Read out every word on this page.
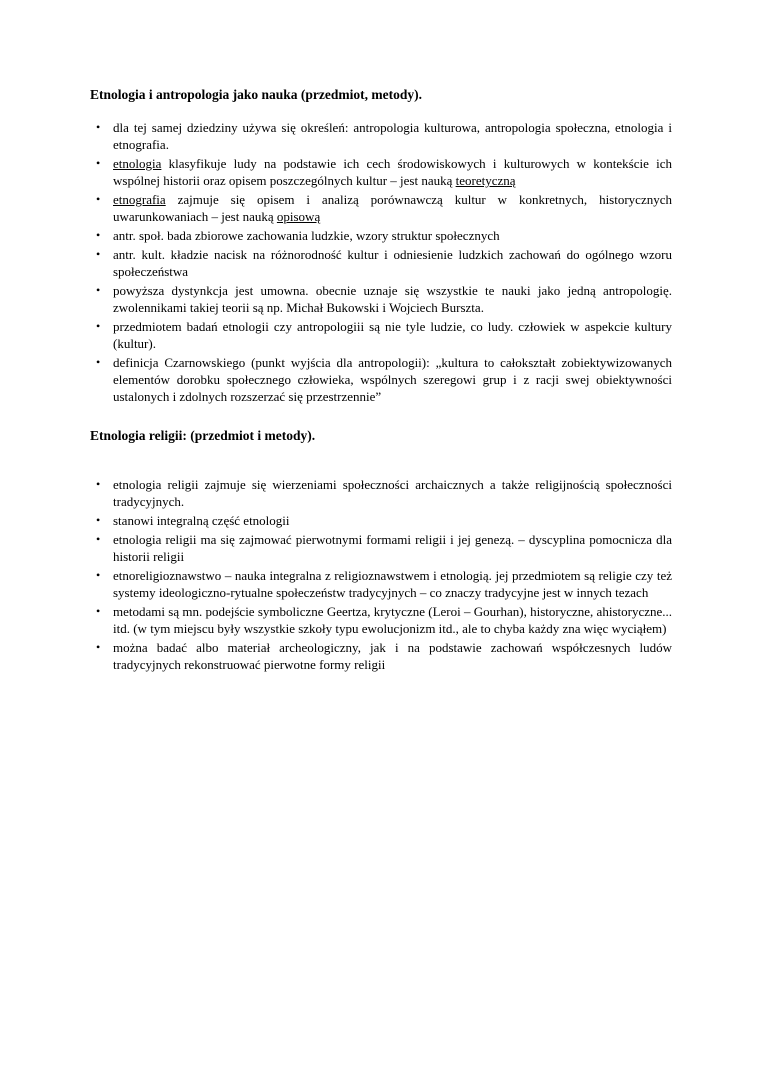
Etnologia i antropologia jako nauka (przedmiot, metody).
• dla tej samej dziedziny używa się określeń: antropologia kulturowa, antropologia społeczna, etnologia i etnografia.
• etnologia klasyfikuje ludy na podstawie ich cech środowiskowych i kulturowych w kontekście ich wspólnej historii oraz opisem poszczególnych kultur – jest nauką teoretyczną
• etnografia zajmuje się opisem i analizą porównawczą kultur w konkretnych, historycznych uwarunkowaniach – jest nauką opisową
• antr. społ. bada zbiorowe zachowania ludzkie, wzory struktur społecznych
• antr. kult. kładzie nacisk na różnorodność kultur i odniesienie ludzkich zachowań do ogólnego wzoru społeczeństwa
• powyższa dystynkcja jest umowna. obecnie uznaje się wszystkie te nauki jako jedną antropologię. zwolennikami takiej teorii są np. Michał Bukowski i Wojciech Burszta.
• przedmiotem badań etnologii czy antropologiii są nie tyle ludzie, co ludy. człowiek w aspekcie kultury (kultur).
• definicja Czarnowskiego (punkt wyjścia dla antropologii): „kultura to całokształt zobiektywizowanych elementów dorobku społecznego człowieka, wspólnych szeregowi grup i z racji swej obiektywności ustalonych i zdolnych rozszerzać się przestrzennie”
Etnologia religii: (przedmiot i metody).
• etnologia religii zajmuje się wierzeniami społeczności archaicznych a także religijnością społeczności tradycyjnych.
• stanowi integralną część etnologii
• etnologia religii ma się zajmować pierwotnymi formami religii i jej genezą. – dyscyplina pomocnicza dla historii religii
• etnoreligioznawstwo – nauka integralna z religioznawstwem i etnologią. jej przedmiotem są religie czy też systemy ideologiczno-rytualne społeczeństw tradycyjnych – co znaczy tradycyjne jest w innych tezach
• metodami są mn. podejście symboliczne Geertza, krytyczne (Leroi – Gourhan), historyczne, ahistoryczne... itd. (w tym miejscu były wszystkie szkoły typu ewolucjonizm itd., ale to chyba każdy zna więc wyciąłem)
• można badać albo materiał archeologiczny, jak i na podstawie zachowań współczesnych ludów tradycyjnych rekonstruować pierwotne formy religii
